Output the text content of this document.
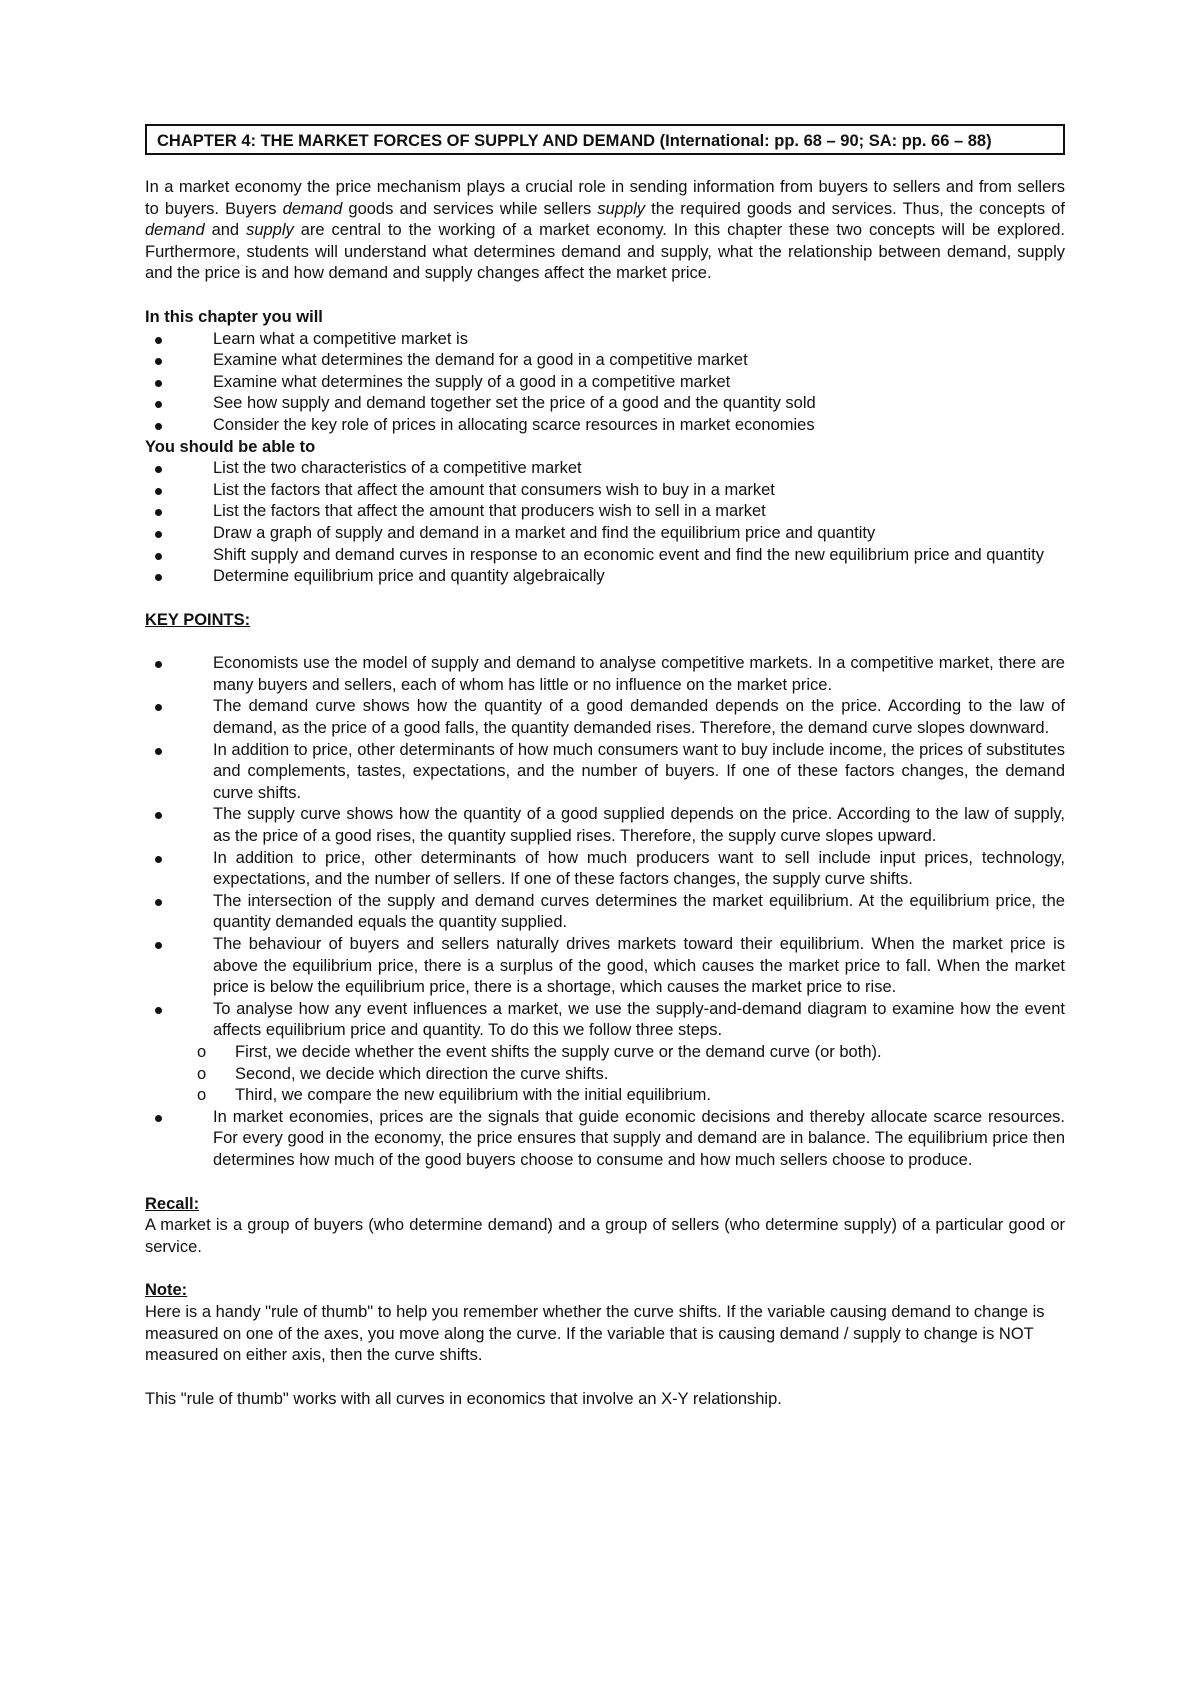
CHAPTER 4: THE MARKET FORCES OF SUPPLY AND DEMAND (International: pp. 68 – 90; SA: pp. 66 – 88)

In a market economy the price mechanism plays a crucial role in sending information from buyers to sellers and from sellers to buyers. Buyers demand goods and services while sellers supply the required goods and services. Thus, the concepts of demand and supply are central to the working of a market economy. In this chapter these two concepts will be explored. Furthermore, students will understand what determines demand and supply, what the relationship between demand, supply and the price is and how demand and supply changes affect the market price.

In this chapter you will
Learn what a competitive market is
Examine what determines the demand for a good in a competitive market
Examine what determines the supply of a good in a competitive market
See how supply and demand together set the price of a good and the quantity sold
Consider the key role of prices in allocating scarce resources in market economies
You should be able to
List the two characteristics of a competitive market
List the factors that affect the amount that consumers wish to buy in a market
List the factors that affect the amount that producers wish to sell in a market
Draw a graph of supply and demand in a market and find the equilibrium price and quantity
Shift supply and demand curves in response to an economic event and find the new equilibrium price and quantity
Determine equilibrium price and quantity algebraically
KEY POINTS:
Economists use the model of supply and demand to analyse competitive markets. In a competitive market, there are many buyers and sellers, each of whom has little or no influence on the market price.
The demand curve shows how the quantity of a good demanded depends on the price. According to the law of demand, as the price of a good falls, the quantity demanded rises. Therefore, the demand curve slopes downward.
In addition to price, other determinants of how much consumers want to buy include income, the prices of substitutes and complements, tastes, expectations, and the number of buyers. If one of these factors changes, the demand curve shifts.
The supply curve shows how the quantity of a good supplied depends on the price. According to the law of supply, as the price of a good rises, the quantity supplied rises. Therefore, the supply curve slopes upward.
In addition to price, other determinants of how much producers want to sell include input prices, technology, expectations, and the number of sellers. If one of these factors changes, the supply curve shifts.
The intersection of the supply and demand curves determines the market equilibrium. At the equilibrium price, the quantity demanded equals the quantity supplied.
The behaviour of buyers and sellers naturally drives markets toward their equilibrium. When the market price is above the equilibrium price, there is a surplus of the good, which causes the market price to fall. When the market price is below the equilibrium price, there is a shortage, which causes the market price to rise.
To analyse how any event influences a market, we use the supply-and-demand diagram to examine how the event affects equilibrium price and quantity. To do this we follow three steps.
o First, we decide whether the event shifts the supply curve or the demand curve (or both).
o Second, we decide which direction the curve shifts.
o Third, we compare the new equilibrium with the initial equilibrium.
In market economies, prices are the signals that guide economic decisions and thereby allocate scarce resources. For every good in the economy, the price ensures that supply and demand are in balance. The equilibrium price then determines how much of the good buyers choose to consume and how much sellers choose to produce.
Recall:
A market is a group of buyers (who determine demand) and a group of sellers (who determine supply) of a particular good or service.
Note:
Here is a handy "rule of thumb" to help you remember whether the curve shifts. If the variable causing demand to change is measured on one of the axes, you move along the curve. If the variable that is causing demand / supply to change is NOT measured on either axis, then the curve shifts.
This "rule of thumb" works with all curves in economics that involve an X-Y relationship.
